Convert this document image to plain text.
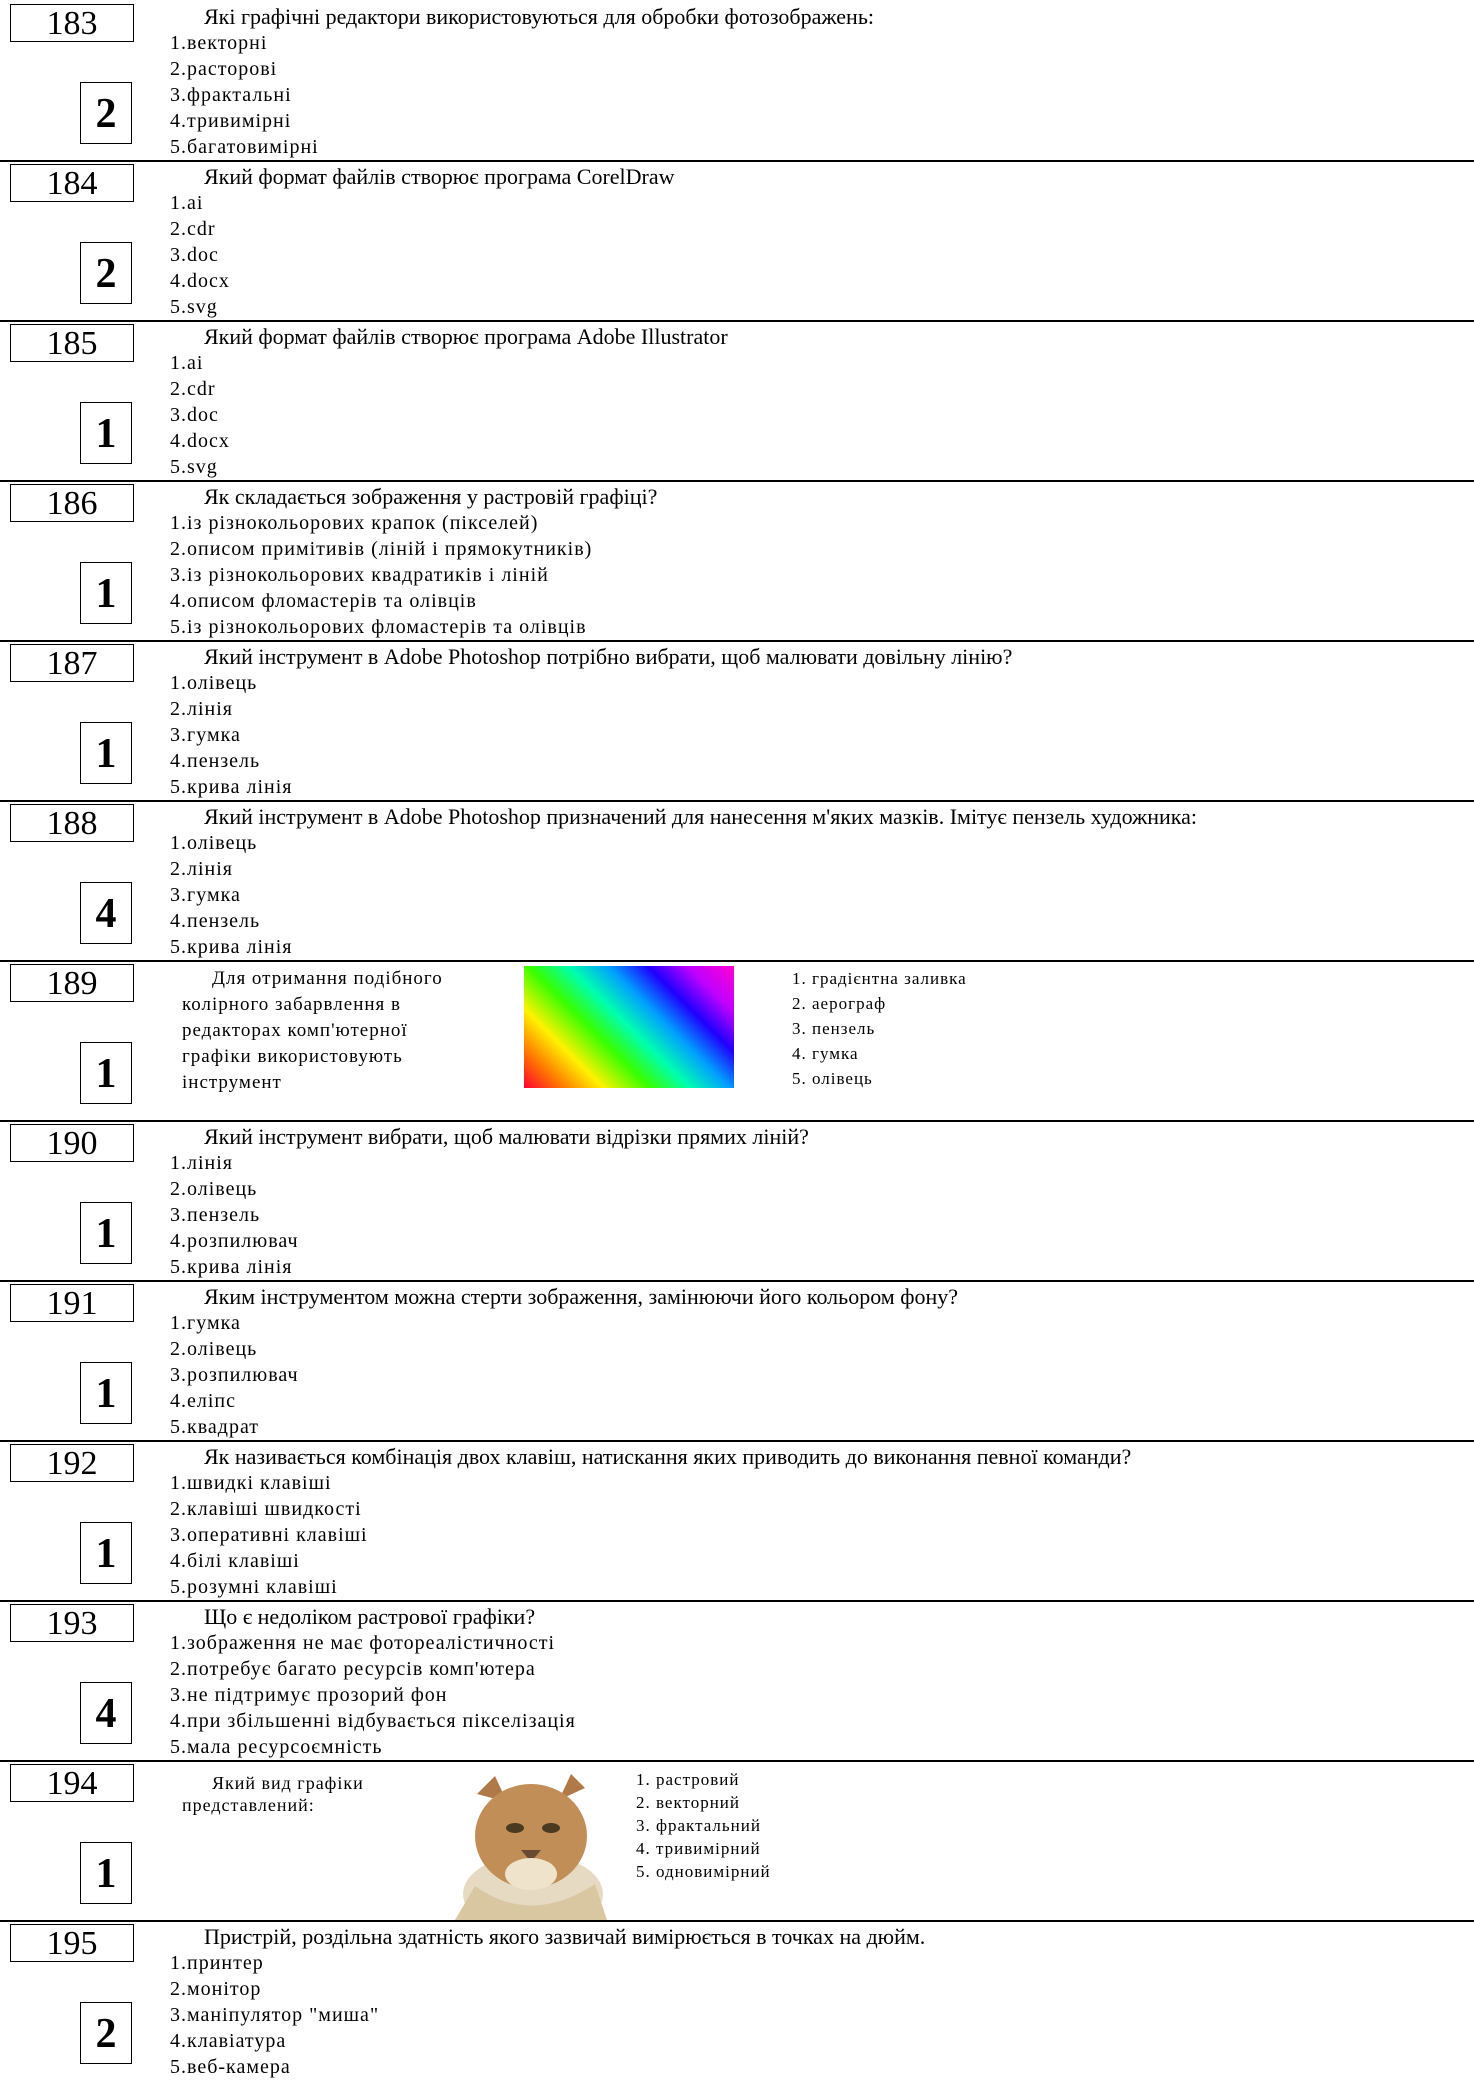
183
2
Які графічні редактори використовуються для обробки фотозображень:
1.векторні
2.расторові
3.фрактальні
4.тривимірні
5.багатовимірні
184
2
Який формат файлів створює програма CorelDraw
1.ai
2.cdr
3.doc
4.docx
5.svg
185
1
Який формат файлів створює програма Adobe Illustrator
1.ai
2.cdr
3.doc
4.docx
5.svg
186
1
Як складається зображення у растровій графіці?
1.із різнокольорових крапок (пікселей)
2.описом примітивів (ліній і прямокутників)
3.із різнокольорових квадратиків і ліній
4.описом фломастерів та олівців
5.із різнокольорових фломастерів та олівців
187
1
Який інструмент в Adobe Photoshop потрібно вибрати, щоб малювати довільну лінію?
1.олівець
2.лінія
3.гумка
4.пензель
5.крива лінія
188
4
Який інструмент в Adobe Photoshop призначений для нанесення м'яких мазків. Імітує пензель художника:
1.олівець
2.лінія
3.гумка
4.пензель
5.крива лінія
189
1
Для отримання подібного
колірного забарвлення в
редакторах комп'ютерної
графіки використовують
інструмент
1. градієнтна заливка
2. аерограф
3. пензель
4. гумка
5. олівець
190
1
Який інструмент вибрати, щоб малювати відрізки прямих ліній?
1.лінія
2.олівець
3.пензель
4.розпилювач
5.крива лінія
191
1
Яким інструментом можна стерти зображення, замінюючи його кольором фону?
1.гумка
2.олівець
3.розпилювач
4.еліпс
5.квадрат
192
1
Як називається комбінація двох клавіш, натискання яких приводить до виконання певної команди?
1.швидкі клавіші
2.клавіші швидкості
3.оперативні клавіші
4.білі клавіші
5.розумні клавіші
193
4
Що є недоліком растрової графіки?
1.зображення не має фотореалістичності
2.потребує багато ресурсів комп'ютера
3.не підтримує прозорий фон
4.при збільшенні відбувається пікселізація
5.мала ресурсоємність
194
1
Який вид графіки
представлений:
1. растровий
2. векторний
3. фрактальний
4. тривимірний
5. одновимірний
195
2
Пристрій, роздільна здатність якого зазвичай вимірюється в точках на дюйм.
1.принтер
2.монітор
3.маніпулятор "миша"
4.клавіатура
5.веб-камера
